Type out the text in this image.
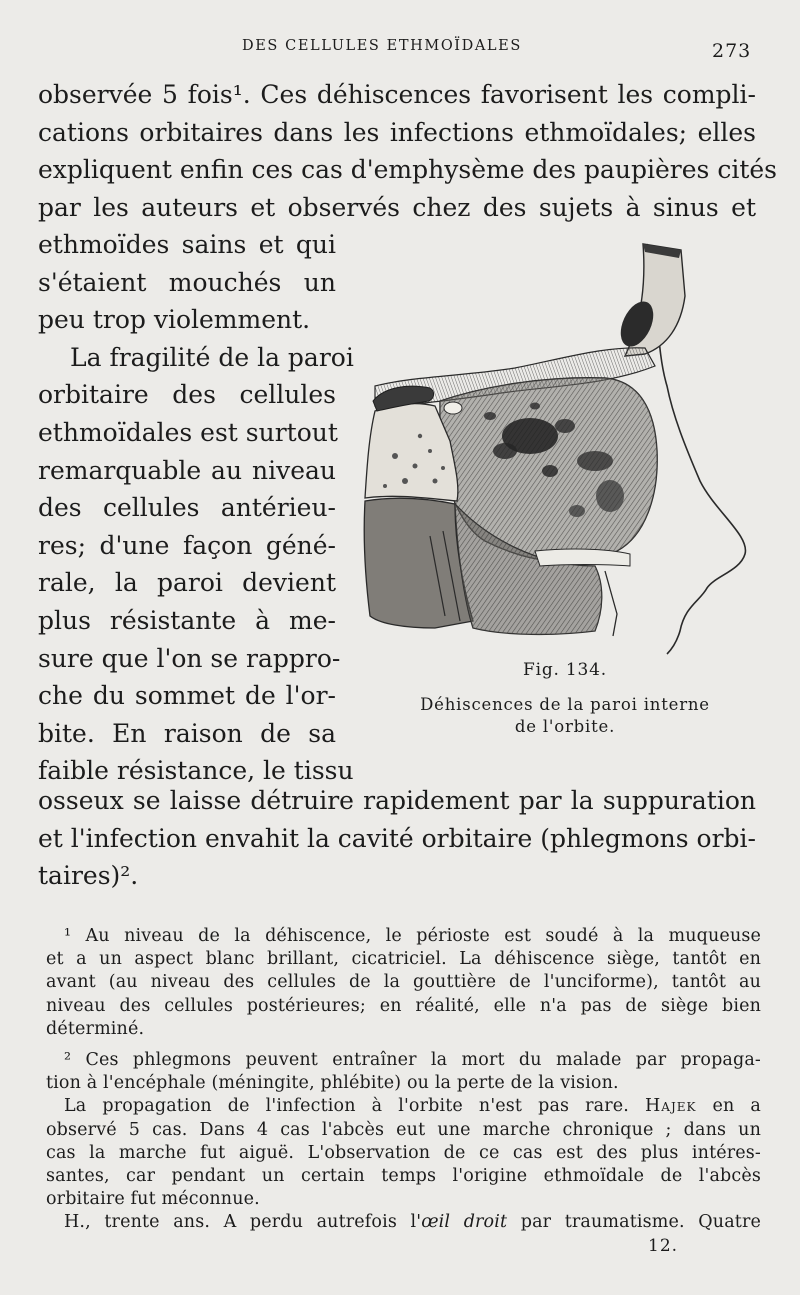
DES CELLULES ETHMOÏDALES	273
observée 5 fois¹. Ces déhiscences favorisent les compli-
cations orbitaires dans les infections ethmoïdales; elles
expliquent enfin ces cas d'emphysème des paupières cités
par les auteurs et observés chez des sujets à sinus et
ethmoïdes sains et qui
s'étaient mouchés un
peu trop violemment.
La fragilité de la paroi
orbitaire des cellules
ethmoïdales est surtout
remarquable au niveau
des cellules antérieu-
res; d'une façon géné-
rale, la paroi devient
plus résistante à me-
sure que l'on se rappro-
che du sommet de l'or-
bite. En raison de sa
faible résistance, le tissu
Fig. 134.
Déhiscences de la paroi interne
de l'orbite.
osseux se laisse détruire rapidement par la suppuration
et l'infection envahit la cavité orbitaire (phlegmons orbi-
taires)².
¹ Au niveau de la déhiscence, le périoste est soudé à la muqueuse
et a un aspect blanc brillant, cicatriciel. La déhiscence siège, tantôt en
avant (au niveau des cellules de la gouttière de l'unciforme), tantôt au
niveau des cellules postérieures; en réalité, elle n'a pas de siège bien
déterminé.
² Ces phlegmons peuvent entraîner la mort du malade par propaga-
tion à l'encéphale (méningite, phlébite) ou la perte de la vision.
La propagation de l'infection à l'orbite n'est pas rare. Hajek en a
observé 5 cas. Dans 4 cas l'abcès eut une marche chronique ; dans un
cas la marche fut aiguë. L'observation de ce cas est des plus intéres-
santes, car pendant un certain temps l'origine ethmoïdale de l'abcès
orbitaire fut méconnue.
H., trente ans. A perdu autrefois l'œil droit par traumatisme. Quatre
12.
